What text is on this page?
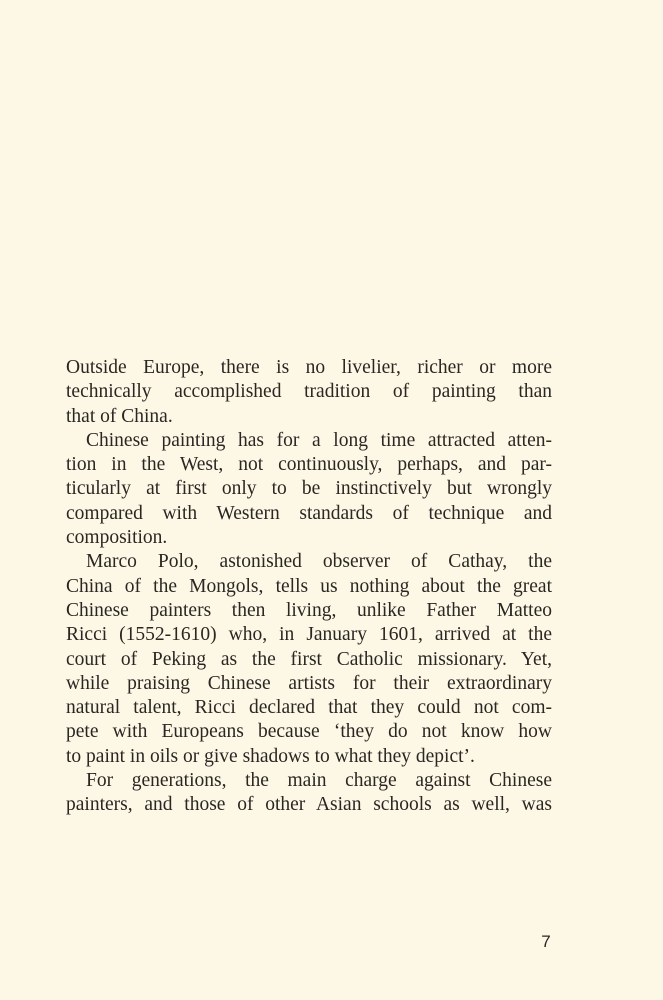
Outside Europe, there is no livelier, richer or more
technically accomplished tradition of painting than
that of China.
Chinese painting has for a long time attracted atten-
tion in the West, not continuously, perhaps, and par-
ticularly at first only to be instinctively but wrongly
compared with Western standards of technique and
composition.
Marco Polo, astonished observer of Cathay, the
China of the Mongols, tells us nothing about the great
Chinese painters then living, unlike Father Matteo
Ricci (1552-1610) who, in January 1601, arrived at the
court of Peking as the first Catholic missionary. Yet,
while praising Chinese artists for their extraordinary
natural talent, Ricci declared that they could not com-
pete with Europeans because ‘they do not know how
to paint in oils or give shadows to what they depict’.
For generations, the main charge against Chinese
painters, and those of other Asian schools as well, was
7
